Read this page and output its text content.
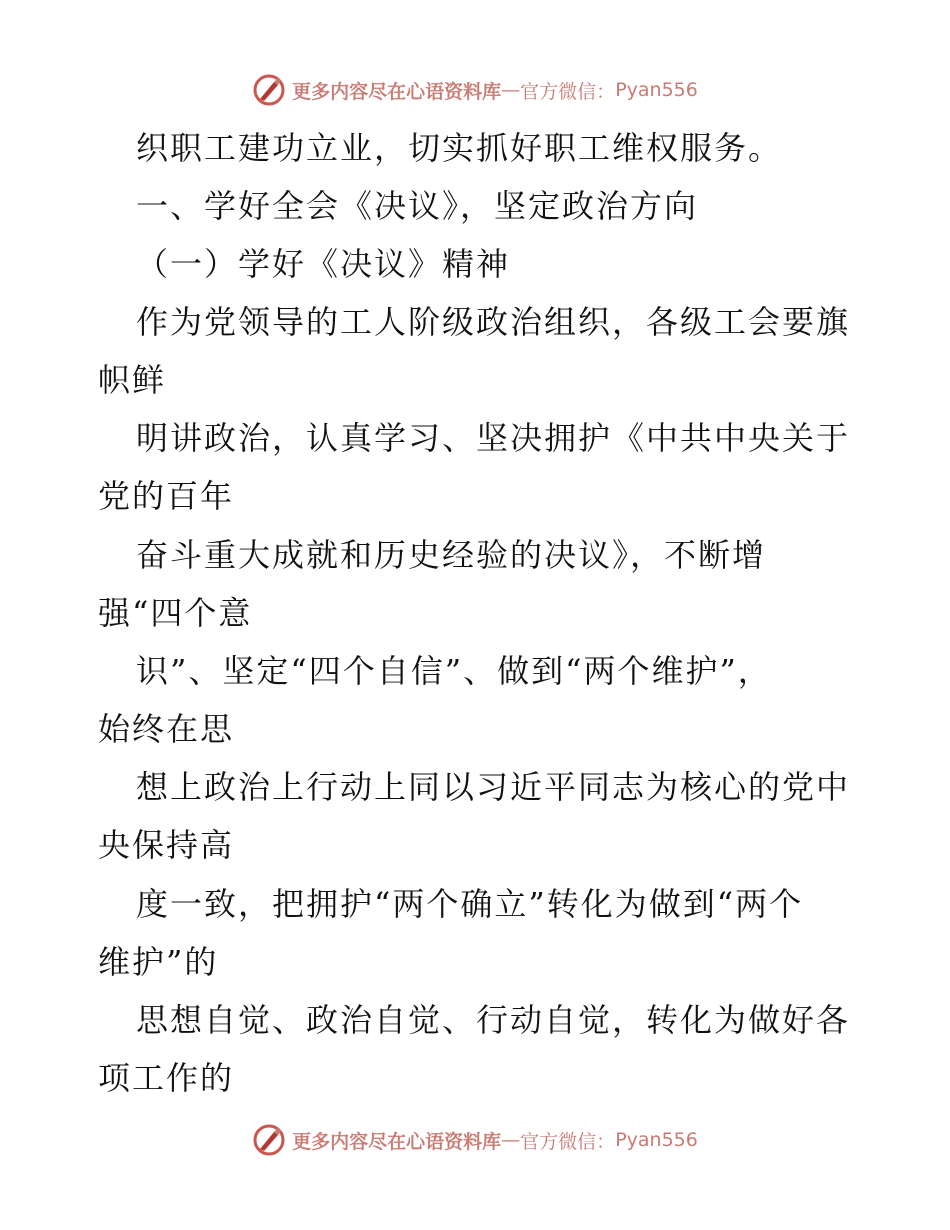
更多内容尽在心语资料库 — 官方微信： Pyan556
织职工建功立业，切实抓好职工维权服务。
一、学好全会《决议》，坚定政治方向
（一）学好《决议》精神
作为党领导的工人阶级政治组织，各级工会要旗
帜鲜
明讲政治，认真学习、坚决拥护《中共中央关于
党的百年
奋斗重大成就和历史经验的决议》，不断增
强“四个意
识”、坚定“四个自信”、做到“两个维护”，
始终在思
想上政治上行动上同以习近平同志为核心的党中
央保持高
度一致，把拥护“两个确立”转化为做到“两个
维护”的
思想自觉、政治自觉、行动自觉，转化为做好各
项工作的
更多内容尽在心语资料库 — 官方微信： Pyan556
